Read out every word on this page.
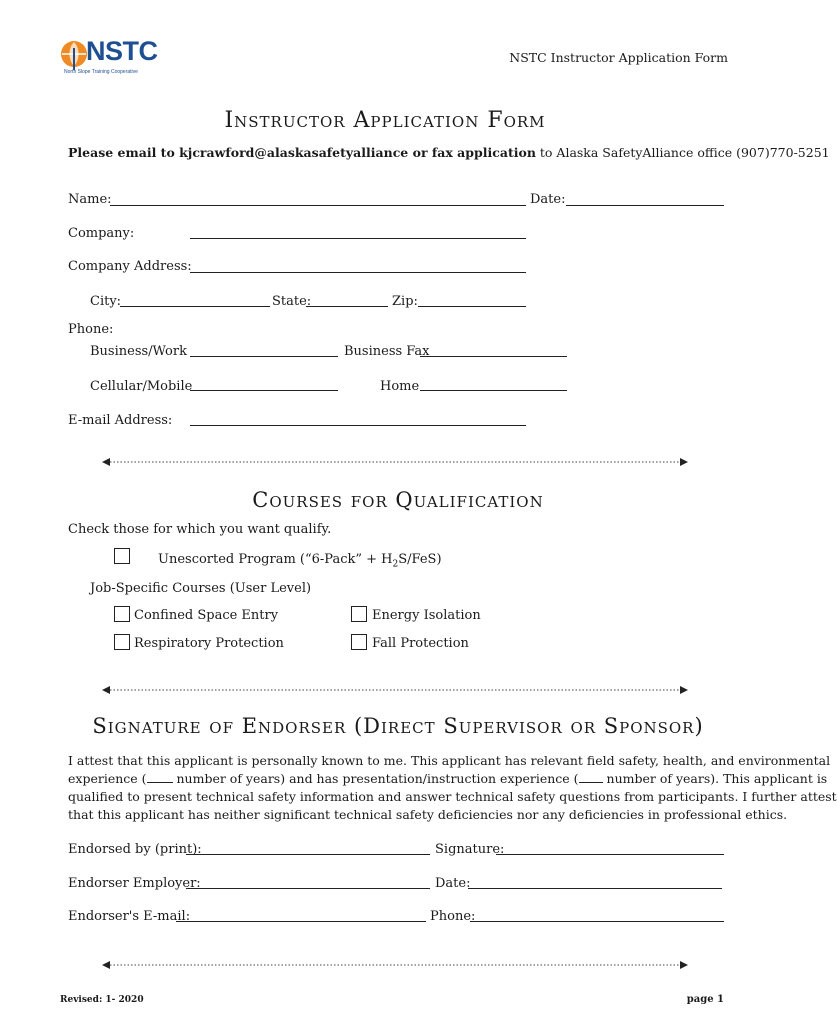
NSTC
North Slope Training Cooperative
NSTC Instructor Application Form
Instructor Application Form
Please email to kjcrawford@alaskasafetyalliance or fax application to Alaska SafetyAlliance office (907)770-5251
Name:	Date:
Company:
Company Address:
City:	State:	Zip:
Phone:
Business/Work	Business Fax
Cellular/Mobile	Home
E-mail Address:
Courses for Qualification
Check those for which you want qualify.
Unescorted Program (“6-Pack” + $H_2S/FeS$)
Job-Specific Courses (User Level)
Confined Space Entry	Energy Isolation
Respiratory Protection	Fall Protection
Signature of Endorser (Direct Supervisor or Sponsor)
I attest that this applicant is personally known to me. This applicant has relevant field safety, health, and environmental
experience ( number of years) and has presentation/instruction experience ( number of years). This applicant is
qualified to present technical safety information and answer technical safety questions from participants. I further attest
that this applicant has neither significant technical safety deficiencies nor any deficiencies in professional ethics.
Endorsed by (print):	Signature:
Endorser Employer:	Date:
Endorser's E-mail:	Phone:
Revised: 1- 2020	page 1
